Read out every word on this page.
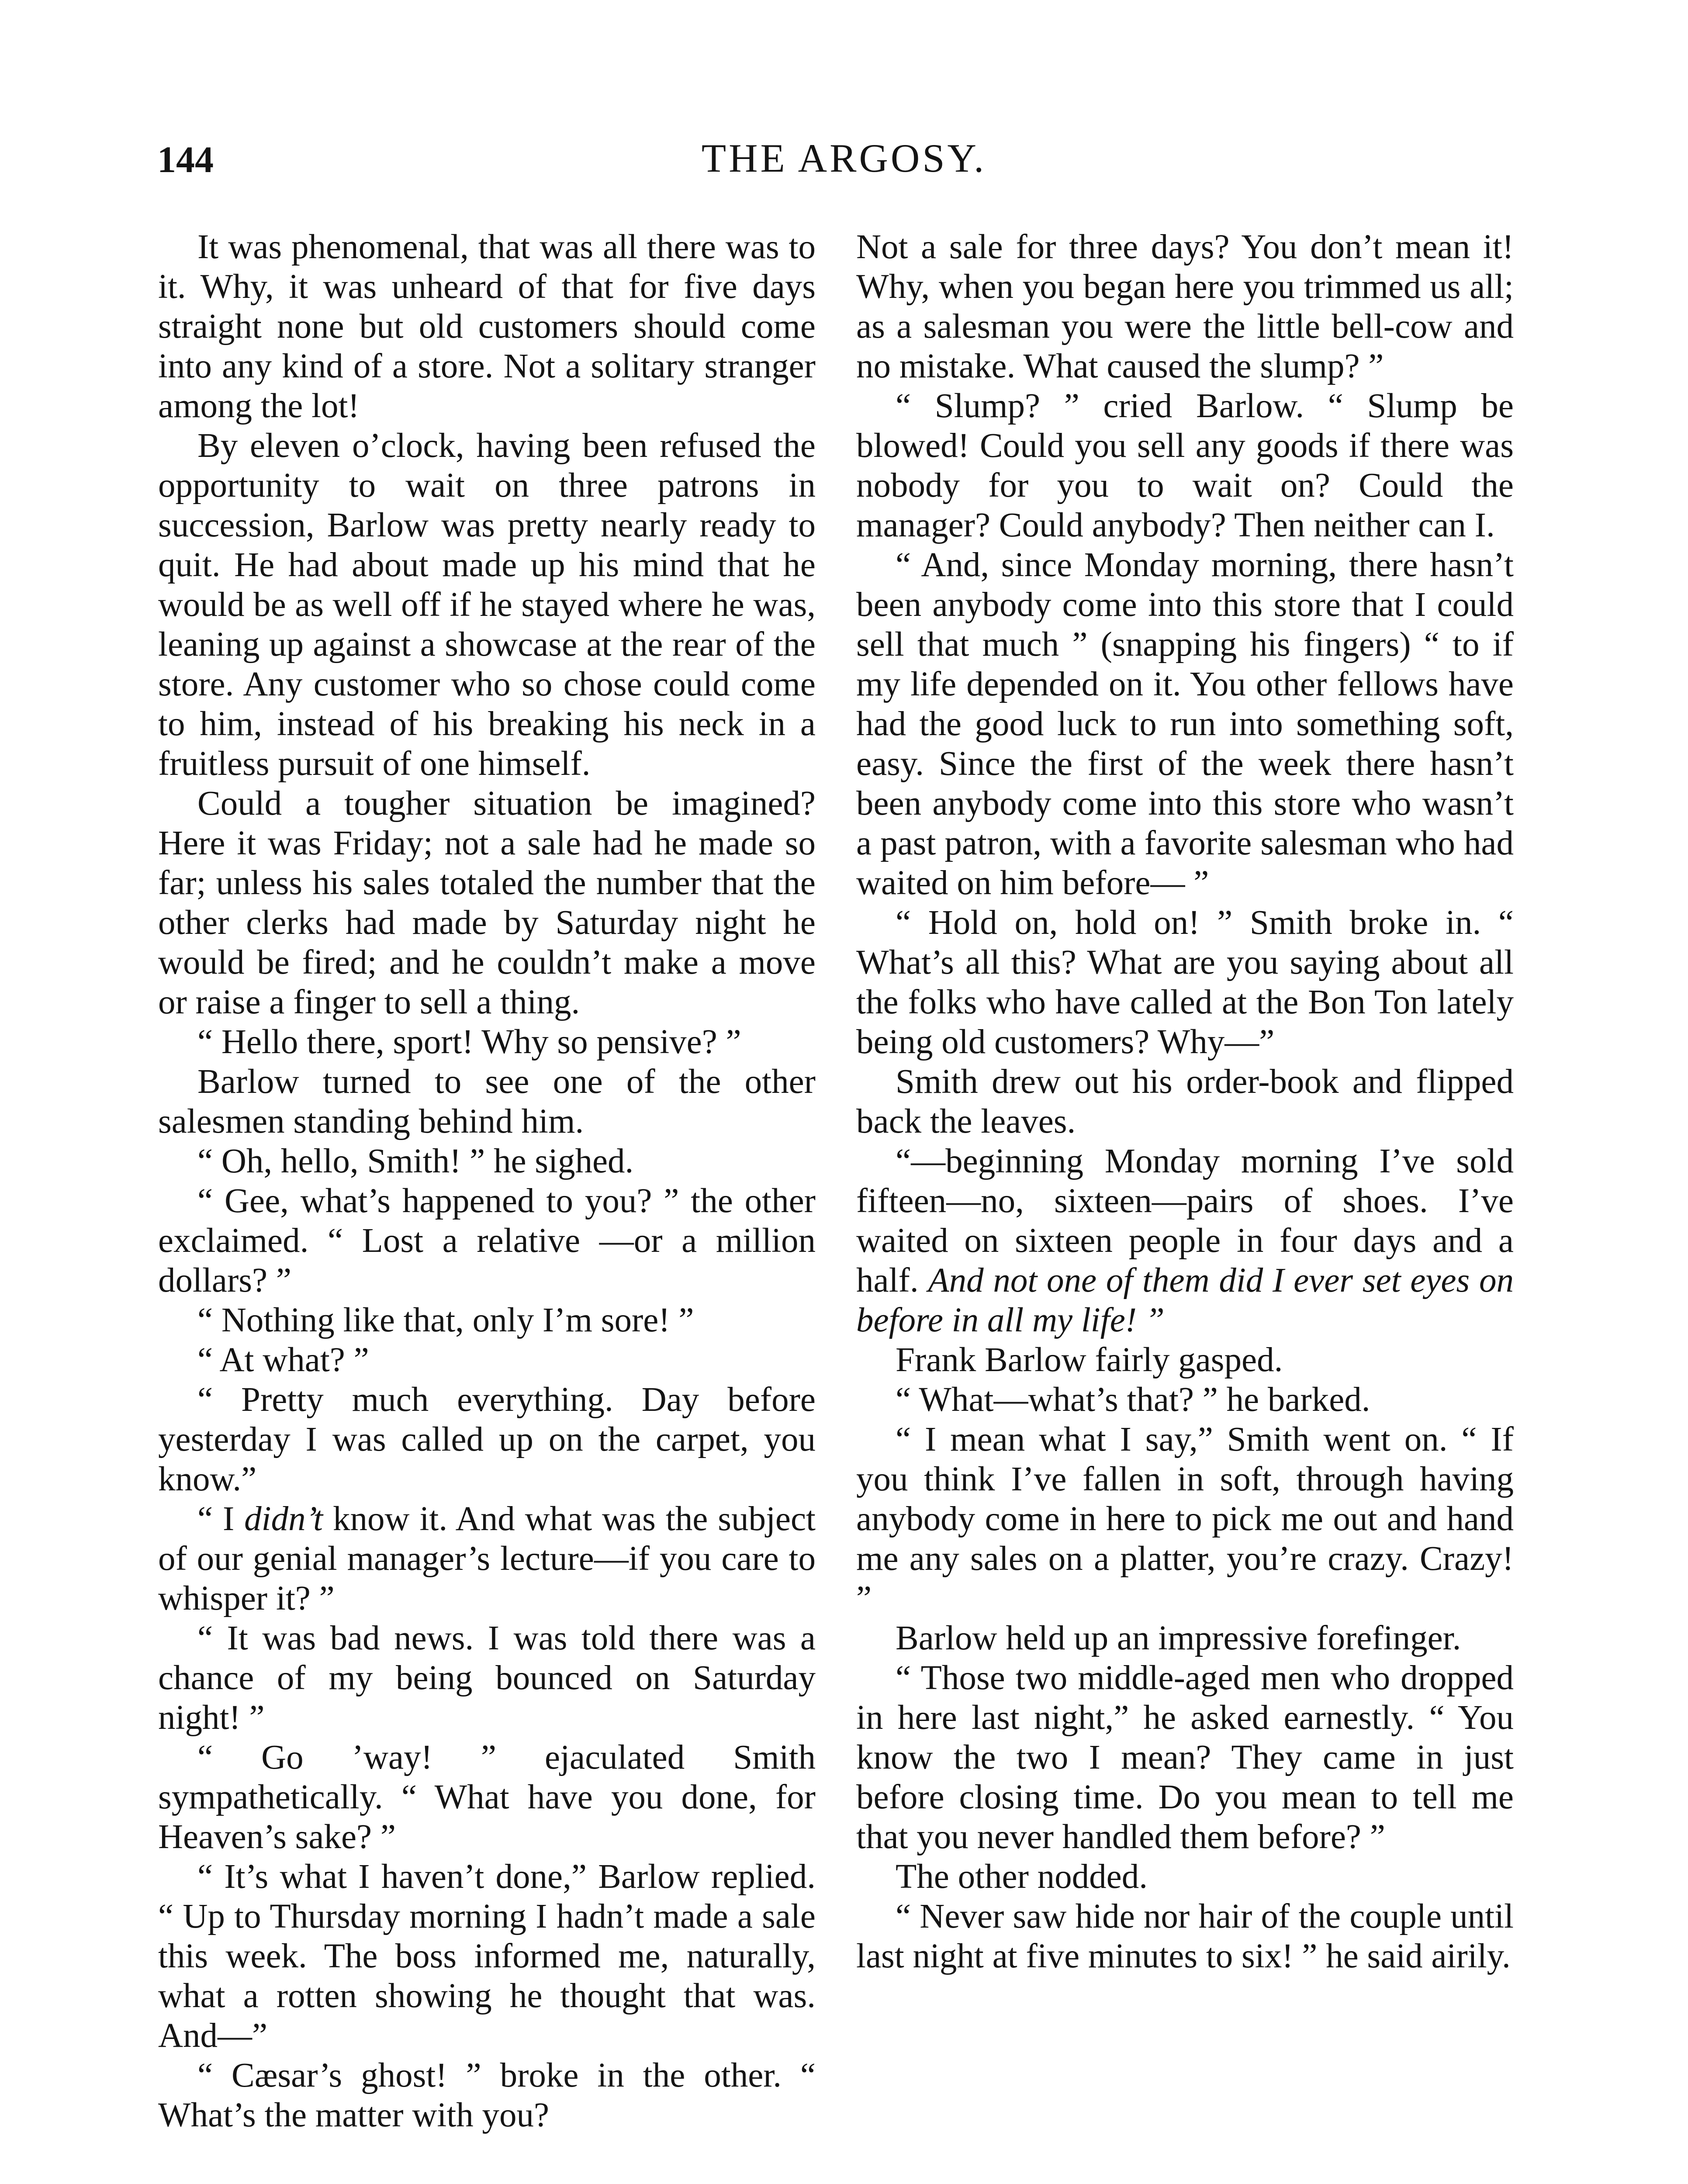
144	THE ARGOSY.

It was phenomenal, that was all there was to it. Why, it was unheard of that for five days straight none but old customers should come into any kind of a store. Not a solitary stranger among the lot!

By eleven o’clock, having been refused the opportunity to wait on three patrons in succession, Barlow was pretty nearly ready to quit. He had about made up his mind that he would be as well off if he stayed where he was, leaning up against a showcase at the rear of the store. Any customer who so chose could come to him, instead of his breaking his neck in a fruitless pursuit of one himself.

Could a tougher situation be imagined? Here it was Friday; not a sale had he made so far; unless his sales totaled the number that the other clerks had made by Saturday night he would be fired; and he couldn’t make a move or raise a finger to sell a thing.

“ Hello there, sport! Why so pensive? ”

Barlow turned to see one of the other salesmen standing behind him.

“ Oh, hello, Smith! ” he sighed.

“ Gee, what’s happened to you? ” the other exclaimed. “ Lost a relative —or a million dollars? ”

“ Nothing like that, only I’m sore! ”

“ At what? ”

“ Pretty much everything. Day before yesterday I was called up on the carpet, you know.”

“ I didn’t know it. And what was the subject of our genial manager’s lecture—if you care to whisper it? ”

“ It was bad news. I was told there was a chance of my being bounced on Saturday night! ”

“ Go ’way! ” ejaculated Smith sympathetically. “ What have you done, for Heaven’s sake? ”

“ It’s what I haven’t done,” Barlow replied. “ Up to Thursday morning I hadn’t made a sale this week. The boss informed me, naturally, what a rotten showing he thought that was. And—”

“ Cæsar’s ghost! ” broke in the other. “ What’s the matter with you?

Not a sale for three days? You don’t mean it! Why, when you began here you trimmed us all; as a salesman you were the little bell-cow and no mistake. What caused the slump? ”

“ Slump? ” cried Barlow. “ Slump be blowed! Could you sell any goods if there was nobody for you to wait on? Could the manager? Could anybody? Then neither can I.

“ And, since Monday morning, there hasn’t been anybody come into this store that I could sell that much ” (snapping his fingers) “ to if my life depended on it. You other fellows have had the good luck to run into something soft, easy. Since the first of the week there hasn’t been anybody come into this store who wasn’t a past patron, with a favorite salesman who had waited on him before— ”

“ Hold on, hold on! ” Smith broke in. “ What’s all this? What are you saying about all the folks who have called at the Bon Ton lately being old customers? Why—”

Smith drew out his order-book and flipped back the leaves.

“—beginning Monday morning I’ve sold fifteen—no, sixteen—pairs of shoes. I’ve waited on sixteen people in four days and a half. And not one of them did I ever set eyes on before in all my life! ”

Frank Barlow fairly gasped.

“ What—what’s that? ” he barked.

“ I mean what I say,” Smith went on. “ If you think I’ve fallen in soft, through having anybody come in here to pick me out and hand me any sales on a platter, you’re crazy. Crazy! ”

Barlow held up an impressive forefinger.

“ Those two middle-aged men who dropped in here last night,” he asked earnestly. “ You know the two I mean? They came in just before closing time. Do you mean to tell me that you never handled them before? ”

The other nodded.

“ Never saw hide nor hair of the couple until last night at five minutes to six! ” he said airily.
